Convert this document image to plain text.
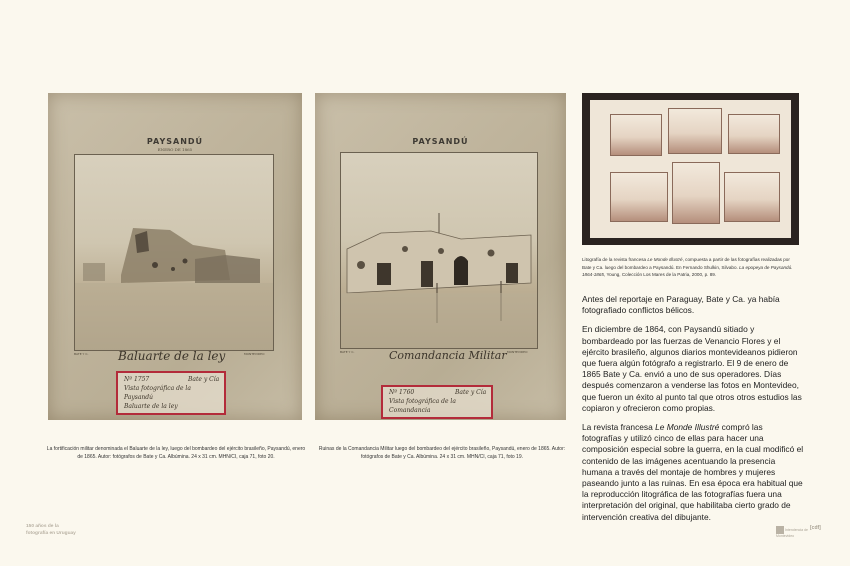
PAYSANDÚ
ENERO DE 1865
BATE Y C.	MONTEVIDEO
Baluarte de la ley
Nº 1757	Bate y Cía
Vista fotográfica de la
Paysandú
Baluarte de la ley
PAYSANDÚ
BATE Y C.	MONTEVIDEO
Comandancia Militar
Nº 1760	Bate y Cía
Vista fotográfica de la
Comandancia
La fortificación militar denominada el Baluarte de la ley, luego del bombardeo del ejército brasileño, Paysandú, enero de 1865. Autor: fotógrafos de Bate y Ca. Albúmina. 24 x 31 cm. MHN/CI, caja 71, foto 20.
Ruinas de la Comandancia Militar luego del bombardeo del ejército brasileño, Paysandú, enero de 1865. Autor: fotógrafos de Bate y Ca. Albúmina. 24 x 31 cm. MHN/CI, caja 71, foto 19.
Litografía de la revista francesa Le Monde Illustré, compuesta a partir de las fotografías realizadas por Bate y Ca. luego del bombardeo a Paysandú. En Fernando Shulkin, Silvabo. La epopeya de Paysandú. 1864-1865, Young, Colección Los Mares de la Patria, 2000, p. 89.

Antes del reportaje en Paraguay, Bate y Ca. ya había fotografiado conflictos bélicos.

En diciembre de 1864, con Paysandú sitiado y bombardeado por las fuerzas de Venancio Flores y el ejército brasileño, algunos diarios montevideanos pidieron que fuera algún fotógrafo a registrarlo. El 9 de enero de 1865 Bate y Ca. envió a uno de sus operadores. Días después comenzaron a venderse las fotos en Montevideo, que fueron un éxito al punto tal que otros otros estudios las copiaron y ofrecieron como propias.

La revista francesa Le Monde Illustré compró las fotografías y utilizó cinco de ellas para hacer una composición especial sobre la guerra, en la cual modificó el contenido de las imágenes acentuando la presencia humana a través del montaje de hombres y mujeres paseando junto a las ruinas. En esa época era habitual que la reproducción litográfica de las fotografías fuera una interpretación del original, que habilitaba cierto grado de intervención creativa del dibujante.

150 años de la
fotografía en Uruguay
Intendencia de Montevideo
[cdf]
